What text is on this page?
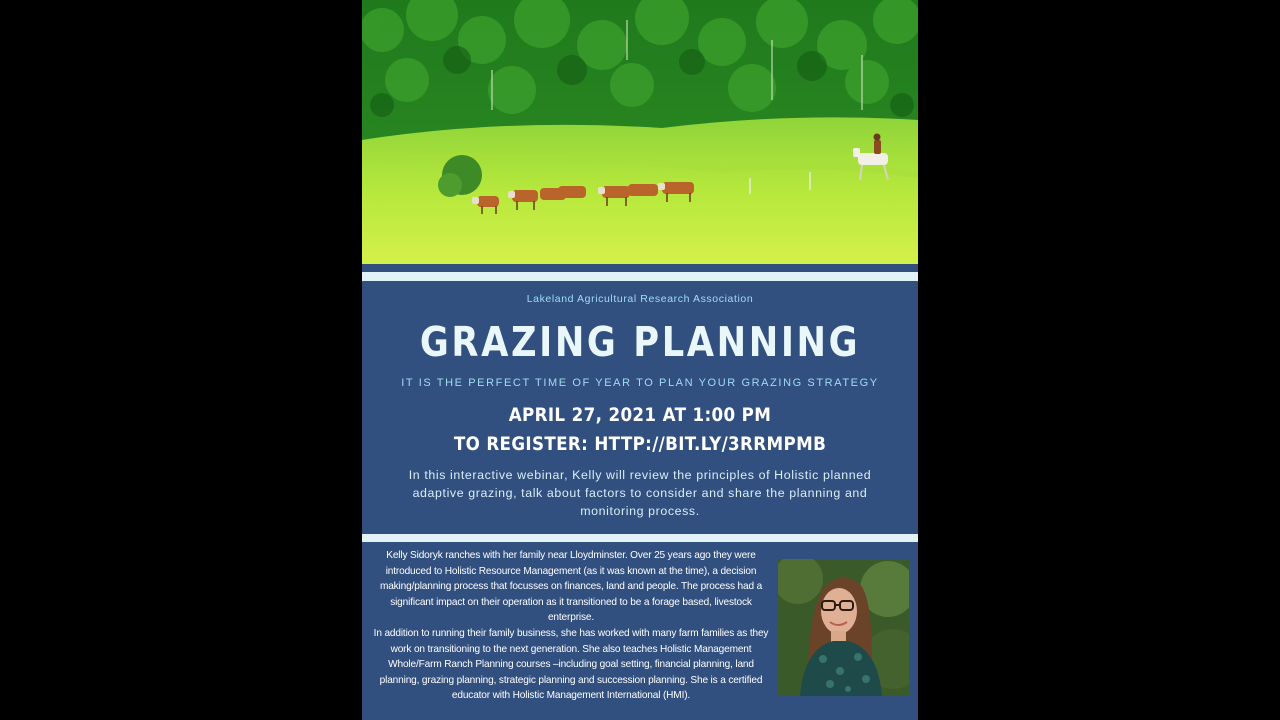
Lakeland Agricultural Research Association
GRAZING PLANNING
IT IS THE PERFECT TIME OF YEAR TO PLAN YOUR GRAZING STRATEGY
APRIL 27, 2021 AT 1:00 PM
TO REGISTER: HTTP://BIT.LY/3RRMPMB
In this interactive webinar, Kelly will review the principles of Holistic planned adaptive grazing, talk about factors to consider and share the planning and monitoring process.

Kelly Sidoryk ranches with her family near Lloydminster. Over 25 years ago they were introduced to Holistic Resource Management (as it was known at the time), a decision making/planning process that focusses on finances, land and people. The process had a significant impact on their operation as it transitioned to be a forage based, livestock enterprise.

In addition to running their family business, she has worked with many farm families as they work on transitioning to the next generation. She also teaches Holistic Management Whole/Farm Ranch Planning courses –including goal setting, financial planning, land planning, grazing planning, strategic planning and succession planning. She is a certified educator with Holistic Management International (HMI).
